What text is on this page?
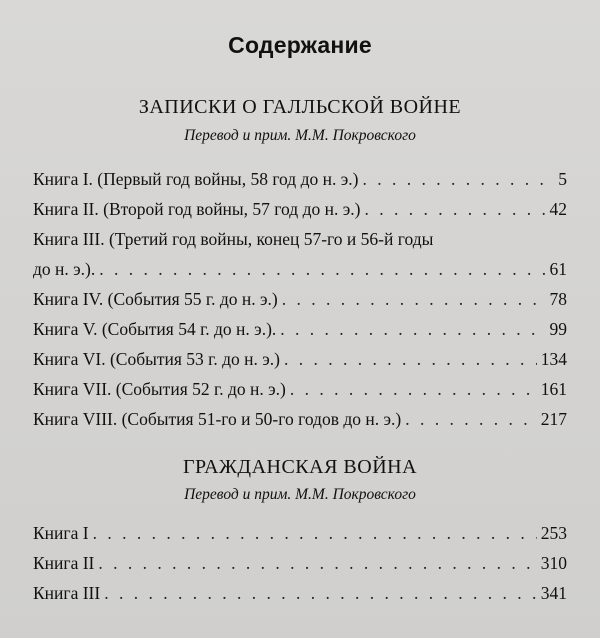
Содержание
ЗАПИСКИ О ГАЛЛЬСКОЙ ВОЙНЕ
Перевод и прим. М.М. Покровского
Книга I. (Первый год войны, 58 год до н. э.) . . .	5
Книга II. (Второй год войны, 57 год до н. э.) . . .	42
Книга III. (Третий год войны, конец 57-го и 56-й годы
до н. э.). . . .	61
Книга IV. (События 55 г. до н. э.) . . .	78
Книга V. (События 54 г. до н. э.). . . .	99
Книга VI. (События 53 г. до н. э.) . . .	134
Книга VII. (События 52 г. до н. э.) . . .	161
Книга VIII. (События 51-го и 50-го годов до н. э.) . . .	217
ГРАЖДАНСКАЯ ВОЙНА
Перевод и прим. М.М. Покровского
Книга I . . .	253
Книга II . . .	310
Книга III . . .	341
